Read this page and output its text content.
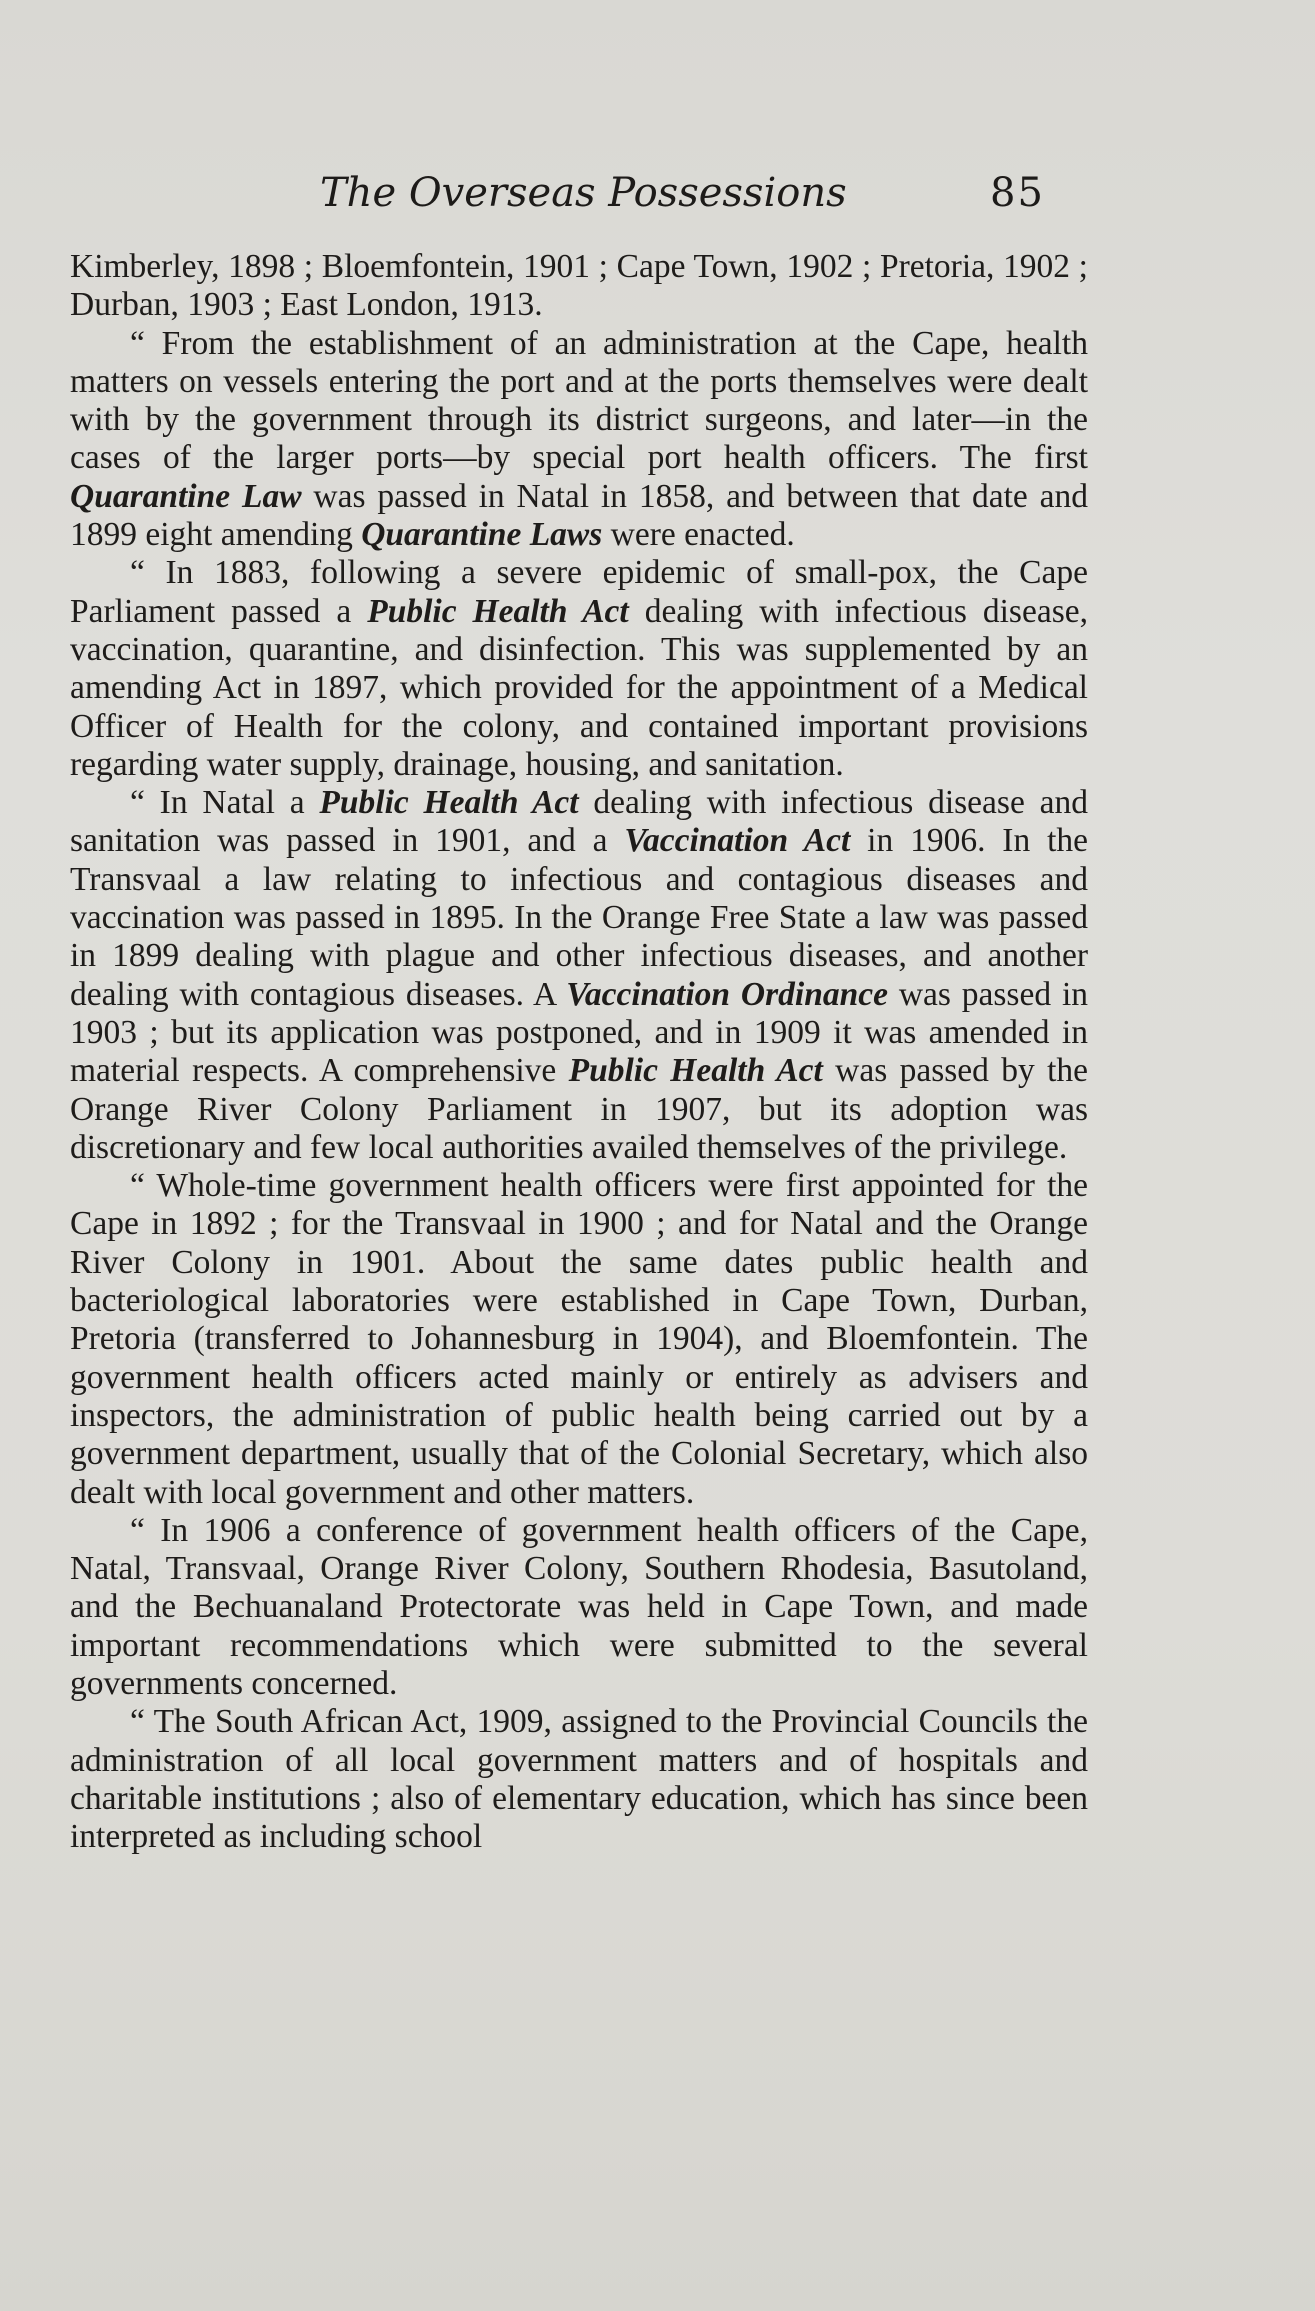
The Overseas Possessions	85

Kimberley, 1898 ; Bloemfontein, 1901 ; Cape Town, 1902 ; Pretoria, 1902 ; Durban, 1903 ; East London, 1913.

“ From the establishment of an administration at the Cape, health matters on vessels entering the port and at the ports themselves were dealt with by the government through its district surgeons, and later—in the cases of the larger ports—by special port health officers. The first Quarantine Law was passed in Natal in 1858, and between that date and 1899 eight amending Quarantine Laws were enacted.

“ In 1883, following a severe epidemic of small-pox, the Cape Parliament passed a Public Health Act dealing with infectious disease, vaccination, quarantine, and disinfection. This was supplemented by an amending Act in 1897, which provided for the appointment of a Medical Officer of Health for the colony, and contained important provisions regarding water supply, drainage, housing, and sanitation.

“ In Natal a Public Health Act dealing with infectious disease and sanitation was passed in 1901, and a Vaccination Act in 1906. In the Transvaal a law relating to infectious and contagious diseases and vaccination was passed in 1895. In the Orange Free State a law was passed in 1899 dealing with plague and other infectious diseases, and another dealing with contagious diseases. A Vaccination Ordinance was passed in 1903 ; but its application was postponed, and in 1909 it was amended in material respects. A comprehensive Public Health Act was passed by the Orange River Colony Parliament in 1907, but its adoption was discretionary and few local authorities availed themselves of the privilege.

“ Whole-time government health officers were first appointed for the Cape in 1892 ; for the Transvaal in 1900 ; and for Natal and the Orange River Colony in 1901. About the same dates public health and bacteriological laboratories were established in Cape Town, Durban, Pretoria (transferred to Johannesburg in 1904), and Bloemfontein. The government health officers acted mainly or entirely as advisers and inspectors, the administration of public health being carried out by a government department, usually that of the Colonial Secretary, which also dealt with local government and other matters.

“ In 1906 a conference of government health officers of the Cape, Natal, Transvaal, Orange River Colony, Southern Rhodesia, Basutoland, and the Bechuanaland Protectorate was held in Cape Town, and made important recommendations which were submitted to the several governments concerned.

“ The South African Act, 1909, assigned to the Provincial Councils the administration of all local government matters and of hospitals and charitable institutions ; also of elementary education, which has since been interpreted as including school
